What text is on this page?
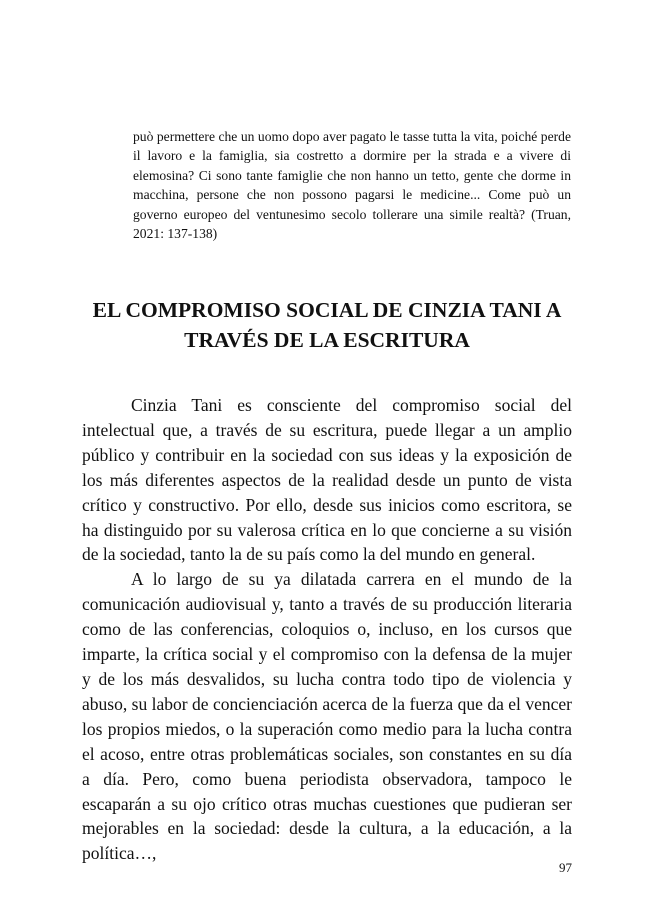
può permettere che un uomo dopo aver pagato le tasse tutta la vita, poiché perde il lavoro e la famiglia, sia costretto a dormire per la strada e a vivere di elemosina? Ci sono tante famiglie che non hanno un tetto, gente che dorme in macchina, persone che non possono pagarsi le medicine... Come può un governo europeo del ventunesimo secolo tollerare una simile realtà? (Truan, 2021: 137-138)
EL COMPROMISO SOCIAL DE CINZIA TANI A TRAVÉS DE LA ESCRITURA

Cinzia Tani es consciente del compromiso social del intelectual que, a través de su escritura, puede llegar a un amplio público y contribuir en la sociedad con sus ideas y la exposición de los más diferentes aspectos de la realidad desde un punto de vista crítico y constructivo. Por ello, desde sus inicios como escritora, se ha distinguido por su valerosa crítica en lo que concierne a su visión de la sociedad, tanto la de su país como la del mundo en general.

A lo largo de su ya dilatada carrera en el mundo de la comunicación audiovisual y, tanto a través de su producción literaria como de las conferencias, coloquios o, incluso, en los cursos que imparte, la crítica social y el compromiso con la defensa de la mujer y de los más desvalidos, su lucha contra todo tipo de violencia y abuso, su labor de concienciación acerca de la fuerza que da el vencer los propios miedos, o la superación como medio para la lucha contra el acoso, entre otras problemáticas sociales, son constantes en su día a día. Pero, como buena periodista observadora, tampoco le escaparán a su ojo crítico otras muchas cuestiones que pudieran ser mejorables en la sociedad: desde la cultura, a la educación, a la política…,

97
